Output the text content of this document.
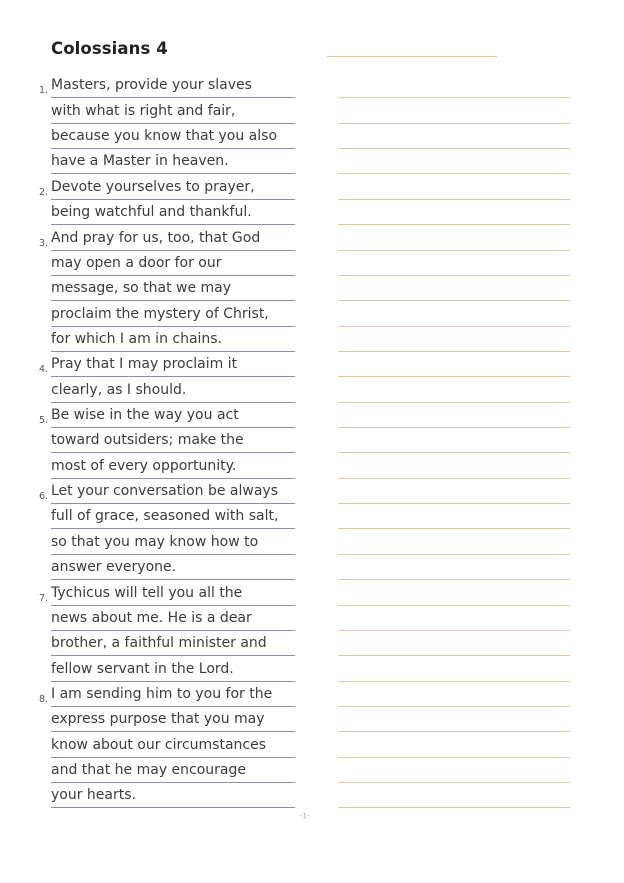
Colossians 4
1. Masters, provide your slaves
with what is right and fair,
because you know that you also
have a Master in heaven.
2. Devote yourselves to prayer,
being watchful and thankful.
3. And pray for us, too, that God
may open a door for our
message, so that we may
proclaim the mystery of Christ,
for which I am in chains.
4. Pray that I may proclaim it
clearly, as I should.
5. Be wise in the way you act
toward outsiders; make the
most of every opportunity.
6. Let your conversation be always
full of grace, seasoned with salt,
so that you may know how to
answer everyone.
7. Tychicus will tell you all the
news about me. He is a dear
brother, a faithful minister and
fellow servant in the Lord.
8. I am sending him to you for the
express purpose that you may
know about our circumstances
and that he may encourage
your hearts.
-1-
